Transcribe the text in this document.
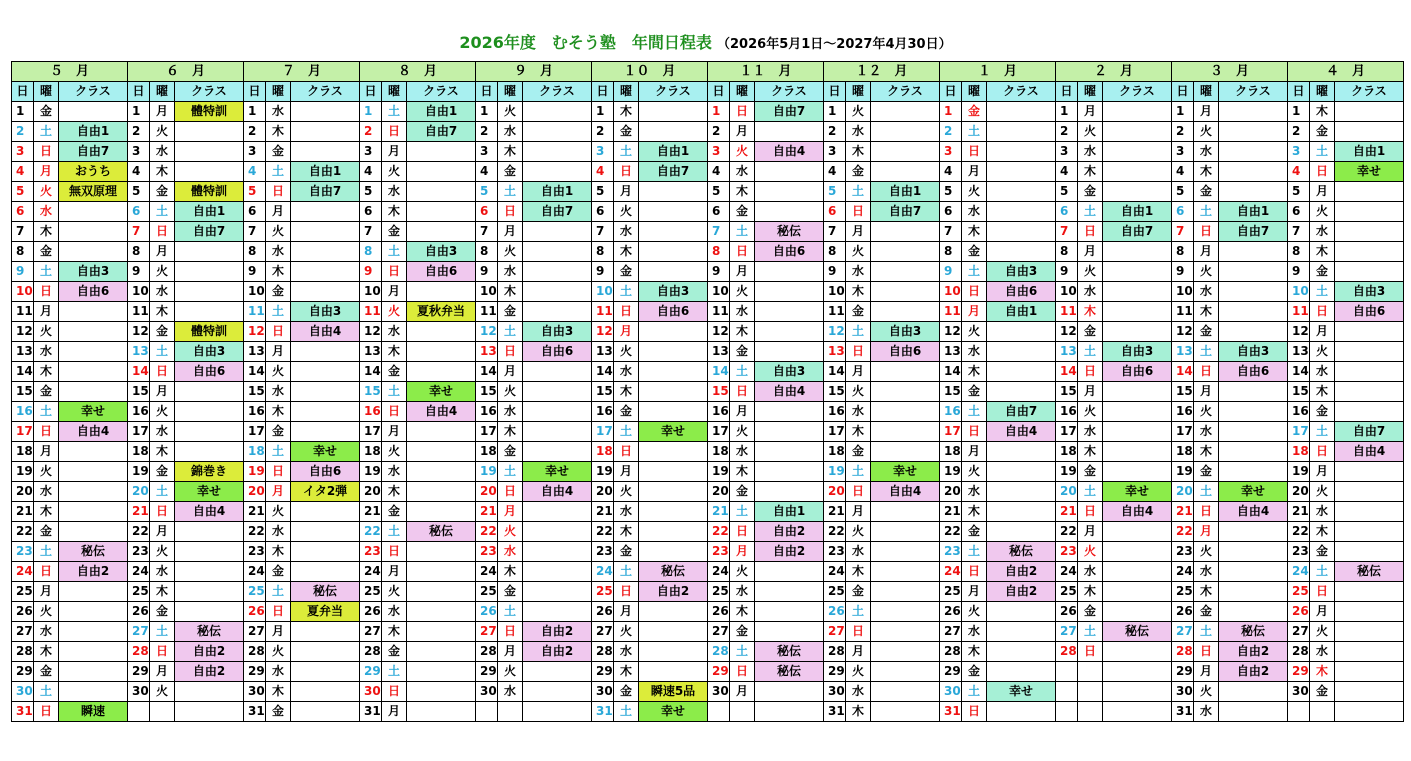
2026年度　むそう塾　年間日程表 （2026年5月1日～2027年4月30日）
５　月			６　月			７　月			８　月			９　月			１０　月			１１　月			１２　月			１　月			２　月			３　月			４　月		
日	曜	クラス	日	曜	クラス	日	曜	クラス	日	曜	クラス	日	曜	クラス	日	曜	クラス	日	曜	クラス	日	曜	クラス	日	曜	クラス	日	曜	クラス	日	曜	クラス	日	曜	クラス
1	金		1	月	體特訓	1	水		1	土	自由1	1	火		1	木		1	日	自由7	1	火		1	金		1	月		1	月		1	木	
2	土	自由1	2	火		2	木		2	日	自由7	2	水		2	金		2	月		2	水		2	土		2	火		2	火		2	金	
3	日	自由7	3	水		3	金		3	月		3	木		3	土	自由1	3	火	自由4	3	木		3	日		3	水		3	水		3	土	自由1
4	月	おうち	4	木		4	土	自由1	4	火		4	金		4	日	自由7	4	水		4	金		4	月		4	木		4	木		4	日	幸せ
5	火	無双原理	5	金	體特訓	5	日	自由7	5	水		5	土	自由1	5	月		5	木		5	土	自由1	5	火		5	金		5	金		5	月	
6	水		6	土	自由1	6	月		6	木		6	日	自由7	6	火		6	金		6	日	自由7	6	水		6	土	自由1	6	土	自由1	6	火	
7	木		7	日	自由7	7	火		7	金		7	月		7	水		7	土	秘伝	7	月		7	木		7	日	自由7	7	日	自由7	7	水	
8	金		8	月		8	水		8	土	自由3	8	火		8	木		8	日	自由6	8	火		8	金		8	月		8	月		8	木	
9	土	自由3	9	火		9	木		9	日	自由6	9	水		9	金		9	月		9	水		9	土	自由3	9	火		9	火		9	金	
10	日	自由6	10	水		10	金		10	月		10	木		10	土	自由3	10	火		10	木		10	日	自由6	10	水		10	水		10	土	自由3
11	月		11	木		11	土	自由3	11	火	夏秋弁当	11	金		11	日	自由6	11	水		11	金		11	月	自由1	11	木		11	木		11	日	自由6
12	火		12	金	體特訓	12	日	自由4	12	水		12	土	自由3	12	月		12	木		12	土	自由3	12	火		12	金		12	金		12	月	
13	水		13	土	自由3	13	月		13	木		13	日	自由6	13	火		13	金		13	日	自由6	13	水		13	土	自由3	13	土	自由3	13	火	
14	木		14	日	自由6	14	火		14	金		14	月		14	水		14	土	自由3	14	月		14	木		14	日	自由6	14	日	自由6	14	水	
15	金		15	月		15	水		15	土	幸せ	15	火		15	木		15	日	自由4	15	火		15	金		15	月		15	月		15	木	
16	土	幸せ	16	火		16	木		16	日	自由4	16	水		16	金		16	月		16	水		16	土	自由7	16	火		16	火		16	金	
17	日	自由4	17	水		17	金		17	月		17	木		17	土	幸せ	17	火		17	木		17	日	自由4	17	水		17	水		17	土	自由7
18	月		18	木		18	土	幸せ	18	火		18	金		18	日		18	水		18	金		18	月		18	木		18	木		18	日	自由4
19	火		19	金	錦巻き	19	日	自由6	19	水		19	土	幸せ	19	月		19	木		19	土	幸せ	19	火		19	金		19	金		19	月	
20	水		20	土	幸せ	20	月	イタ2弾	20	木		20	日	自由4	20	火		20	金		20	日	自由4	20	水		20	土	幸せ	20	土	幸せ	20	火	
21	木		21	日	自由4	21	火		21	金		21	月		21	水		21	土	自由1	21	月		21	木		21	日	自由4	21	日	自由4	21	水	
22	金		22	月		22	水		22	土	秘伝	22	火		22	木		22	日	自由2	22	火		22	金		22	月		22	月		22	木	
23	土	秘伝	23	火		23	木		23	日		23	水		23	金		23	月	自由2	23	水		23	土	秘伝	23	火		23	火		23	金	
24	日	自由2	24	水		24	金		24	月		24	木		24	土	秘伝	24	火		24	木		24	日	自由2	24	水		24	水		24	土	秘伝
25	月		25	木		25	土	秘伝	25	火		25	金		25	日	自由2	25	水		25	金		25	月	自由2	25	木		25	木		25	日	
26	火		26	金		26	日	夏弁当	26	水		26	土		26	月		26	木		26	土		26	火		26	金		26	金		26	月	
27	水		27	土	秘伝	27	月		27	木		27	日	自由2	27	火		27	金		27	日		27	水		27	土	秘伝	27	土	秘伝	27	火	
28	木		28	日	自由2	28	火		28	金		28	月	自由2	28	水		28	土	秘伝	28	月		28	木		28	日		28	日	自由2	28	水	
29	金		29	月	自由2	29	水		29	土		29	火		29	木		29	日	秘伝	29	火		29	金					29	月	自由2	29	木	
30	土		30	火		30	木		30	日		30	水		30	金	瞬速5品	30	月		30	水		30	土	幸せ				30	火		30	金	
31	日	瞬速				31	金		31	月					31	土	幸せ				31	木		31	日					31	水				
